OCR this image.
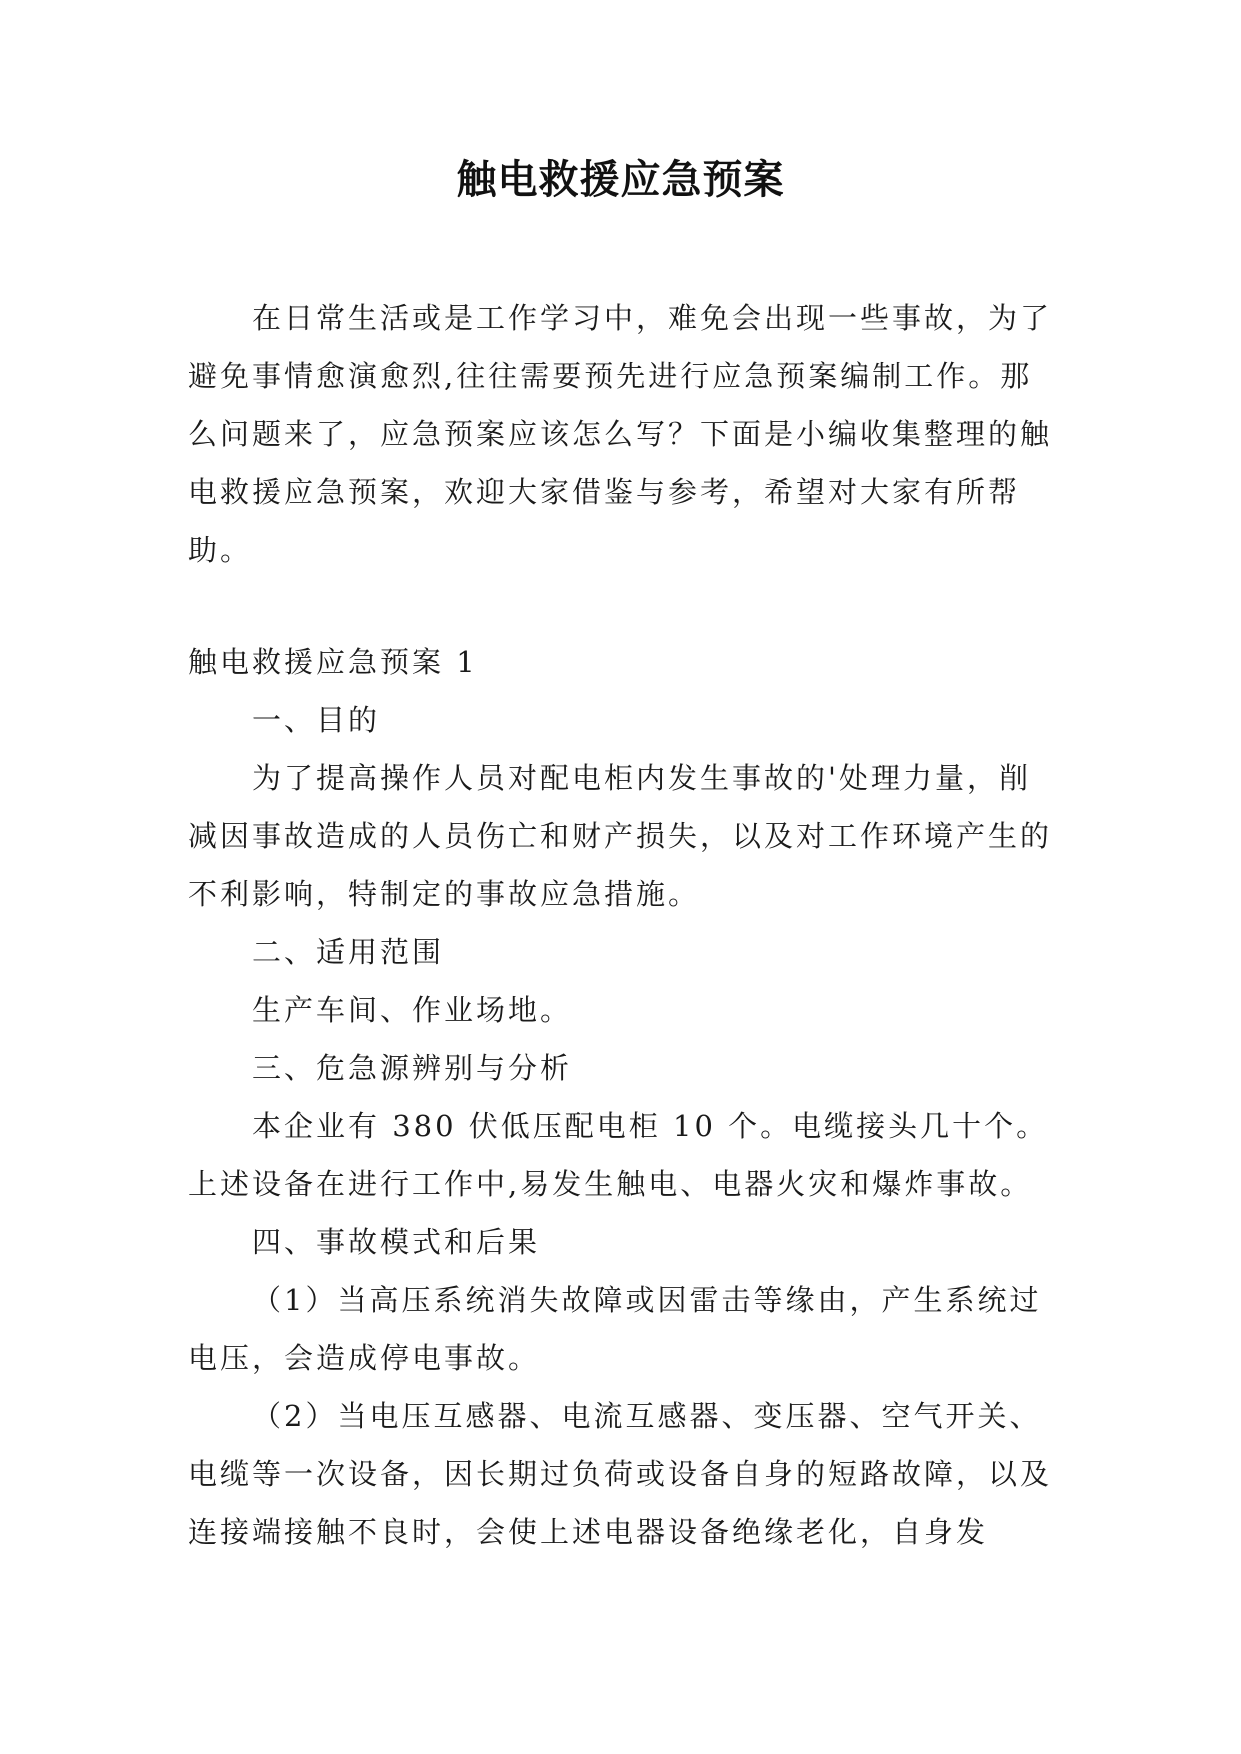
触电救援应急预案

在日常生活或是工作学习中，难免会出现一些事故，为了避免事情愈演愈烈,往往需要预先进行应急预案编制工作。那么问题来了，应急预案应该怎么写？下面是小编收集整理的触电救援应急预案，欢迎大家借鉴与参考，希望对大家有所帮助。

触电救援应急预案 1

一、目的

为了提高操作人员对配电柜内发生事故的'处理力量，削减因事故造成的人员伤亡和财产损失，以及对工作环境产生的不利影响，特制定的事故应急措施。

二、适用范围

生产车间、作业场地。

三、危急源辨别与分析

本企业有 380 伏低压配电柜 10 个。电缆接头几十个。上述设备在进行工作中,易发生触电、电器火灾和爆炸事故。

四、事故模式和后果

（1）当高压系统消失故障或因雷击等缘由，产生系统过电压，会造成停电事故。

（2）当电压互感器、电流互感器、变压器、空气开关、电缆等一次设备，因长期过负荷或设备自身的短路故障，以及连接端接触不良时，会使上述电器设备绝缘老化，自身发
